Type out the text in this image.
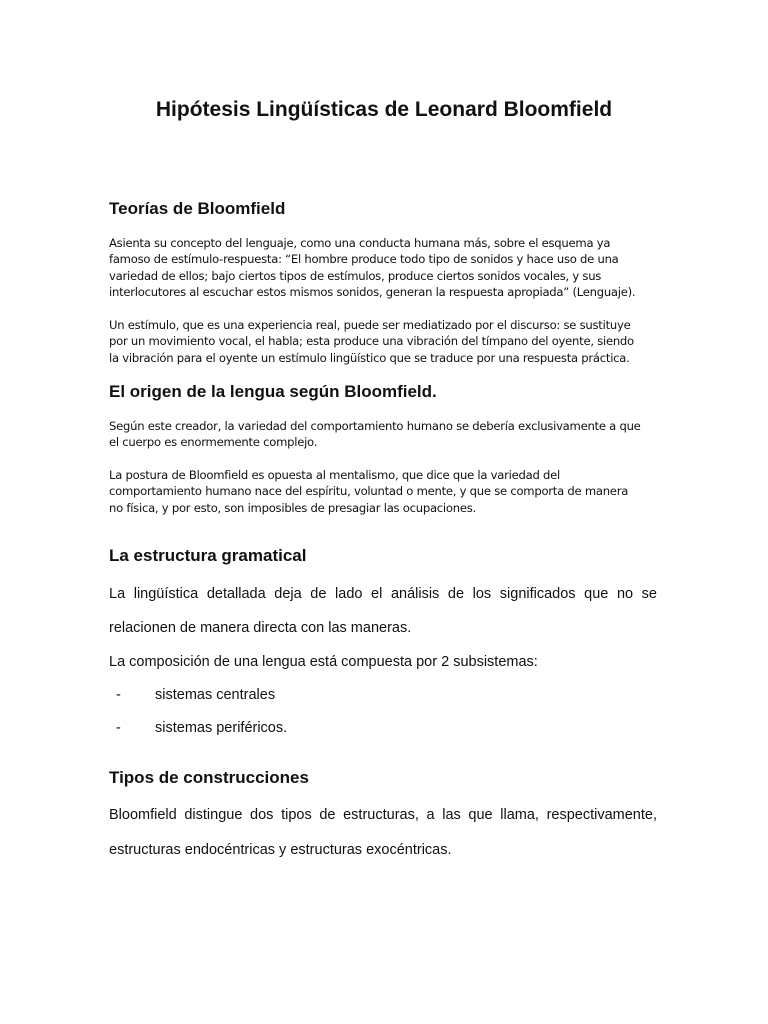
Hipótesis Lingüísticas de Leonard Bloomfield
Teorías de Bloomfield

Asienta su concepto del lenguaje, como una conducta humana más, sobre el esquema ya
famoso de estímulo-respuesta: “El hombre produce todo tipo de sonidos y hace uso de una
variedad de ellos; bajo ciertos tipos de estímulos, produce ciertos sonidos vocales, y sus
interlocutores al escuchar estos mismos sonidos, generan la respuesta apropiada” (Lenguaje).

Un estímulo, que es una experiencia real, puede ser mediatizado por el discurso: se sustituye
por un movimiento vocal, el habla; esta produce una vibración del tímpano del oyente, siendo
la vibración para el oyente un estímulo lingüístico que se traduce por una respuesta práctica.

El origen de la lengua según Bloomfield.

Según este creador, la variedad del comportamiento humano se debería exclusivamente a que
el cuerpo es enormemente complejo.

La postura de Bloomfield es opuesta al mentalismo, que dice que la variedad del
comportamiento humano nace del espíritu, voluntad o mente, y que se comporta de manera
no física, y por esto, son imposibles de presagiar las ocupaciones.

La estructura gramatical

La lingüística detallada deja de lado el análisis de los significados que no se

relacionen de manera directa con las maneras.

La composición de una lengua está compuesta por 2 subsistemas:

- sistemas centrales
- sistemas periféricos.
Tipos de construcciones

Bloomfield distingue dos tipos de estructuras, a las que llama, respectivamente,

estructuras endocéntricas y estructuras exocéntricas.
